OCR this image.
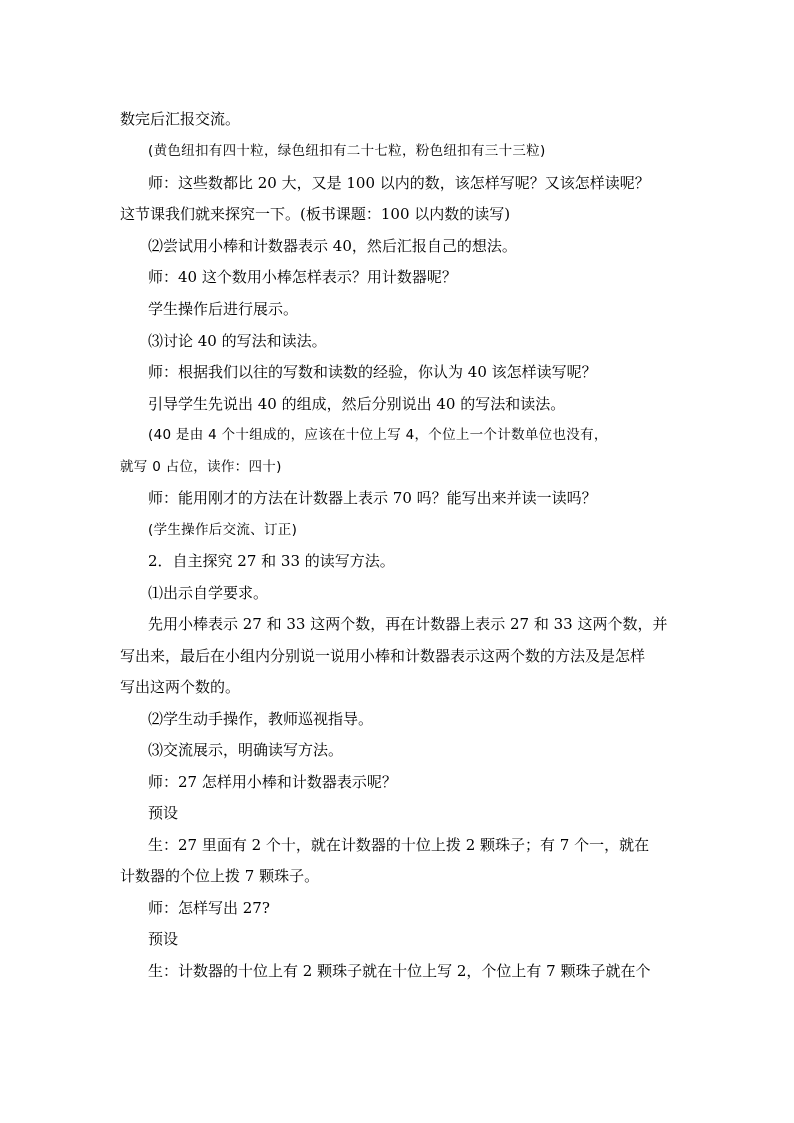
数完后汇报交流。
(黄色纽扣有四十粒，绿色纽扣有二十七粒，粉色纽扣有三十三粒)
师：这些数都比 20 大，又是 100 以内的数，该怎样写呢？又该怎样读呢？
这节课我们就来探究一下。(板书课题：100 以内数的读写)
⑵尝试用小棒和计数器表示 40，然后汇报自己的想法。
师：40 这个数用小棒怎样表示？用计数器呢？
学生操作后进行展示。
⑶讨论 40 的写法和读法。
师：根据我们以往的写数和读数的经验，你认为 40 该怎样读写呢？
引导学生先说出 40 的组成，然后分别说出 40 的写法和读法。
(40 是由 4 个十组成的，应该在十位上写 4，个位上一个计数单位也没有，
就写 0 占位，读作：四十)
师：能用刚才的方法在计数器上表示 70 吗？能写出来并读一读吗？
(学生操作后交流、订正)
2．自主探究 27 和 33 的读写方法。
⑴出示自学要求。
先用小棒表示 27 和 33 这两个数，再在计数器上表示 27 和 33 这两个数，并
写出来，最后在小组内分别说一说用小棒和计数器表示这两个数的方法及是怎样
写出这两个数的。
⑵学生动手操作，教师巡视指导。
⑶交流展示，明确读写方法。
师：27 怎样用小棒和计数器表示呢？
预设
生：27 里面有 2 个十，就在计数器的十位上拨 2 颗珠子；有 7 个一，就在
计数器的个位上拨 7 颗珠子。
师：怎样写出 27?
预设
生：计数器的十位上有 2 颗珠子就在十位上写 2，个位上有 7 颗珠子就在个
